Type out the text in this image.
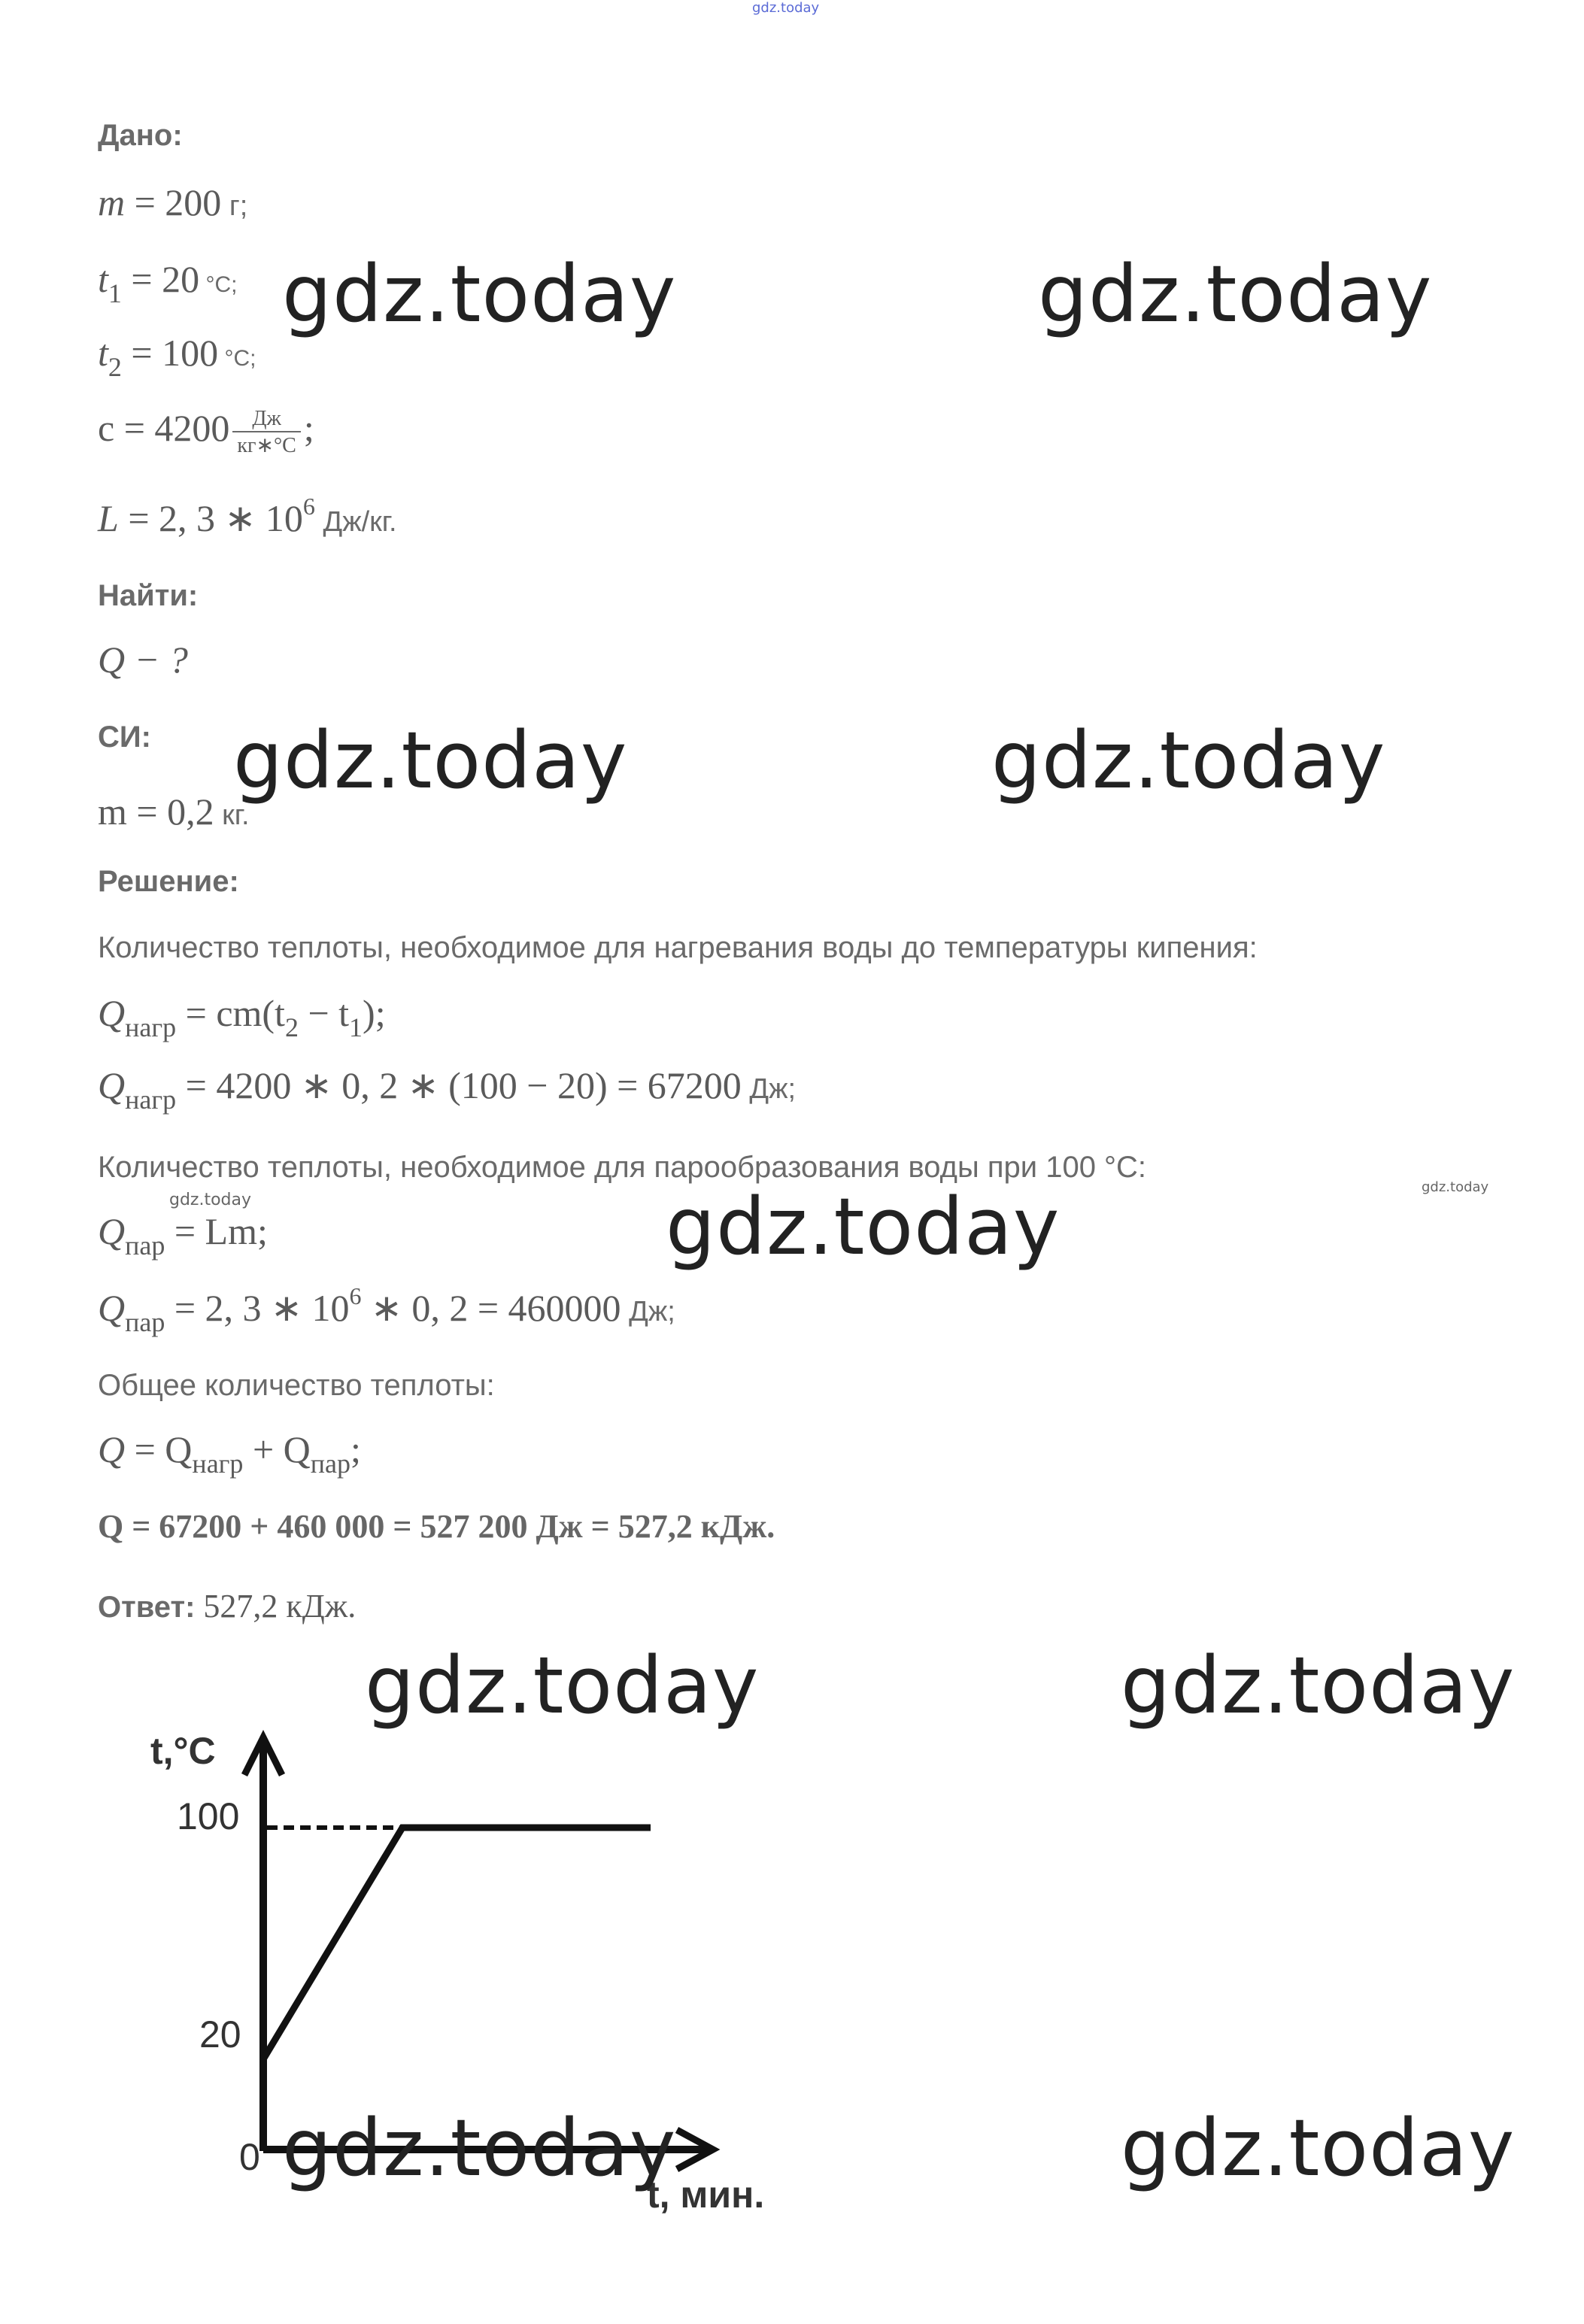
gdz.today
Дано:
m = 200 г;
$t_1 = 20$ °C;
$t_2 = 100$ °C;
$c = 4200 \frac{Дж}{кг∗^\circ C}$ ;
L = 2, 3 ∗ $10^6$ Дж/кг.
Найти:
Q − ?
СИ:
m = 0,2 кг.
Решение:
Количество теплоты, необходимое для нагревания воды до температуры кипения:
$Q_{нагр} = cm(t_2 - t_1)$;
$Q_{нагр} = 4200$ ∗ 0, 2 ∗ (100 − 20) = 67200 Дж;
Количество теплоты, необходимое для парообразования воды при 100 °C:
$Q_{пар} = Lm$;
$Q_{пар} = 2$, 3 ∗ $10^6$ ∗ 0, 2 = 460000 Дж;
Общее количество теплоты:
$Q = Q_{нагр} + Q_{пар}$;
Q = 67200 + 460 000 = 527 200 Дж = 527,2 кДж.
Ответ: 527,2 кДж.
t,°C
t, мин.
0
100
20
gdz.today	gdz.today
gdz.today	gdz.today
gdz.today
gdz.today
gdz.today
gdz.today	gdz.today
gdz.today	gdz.today
